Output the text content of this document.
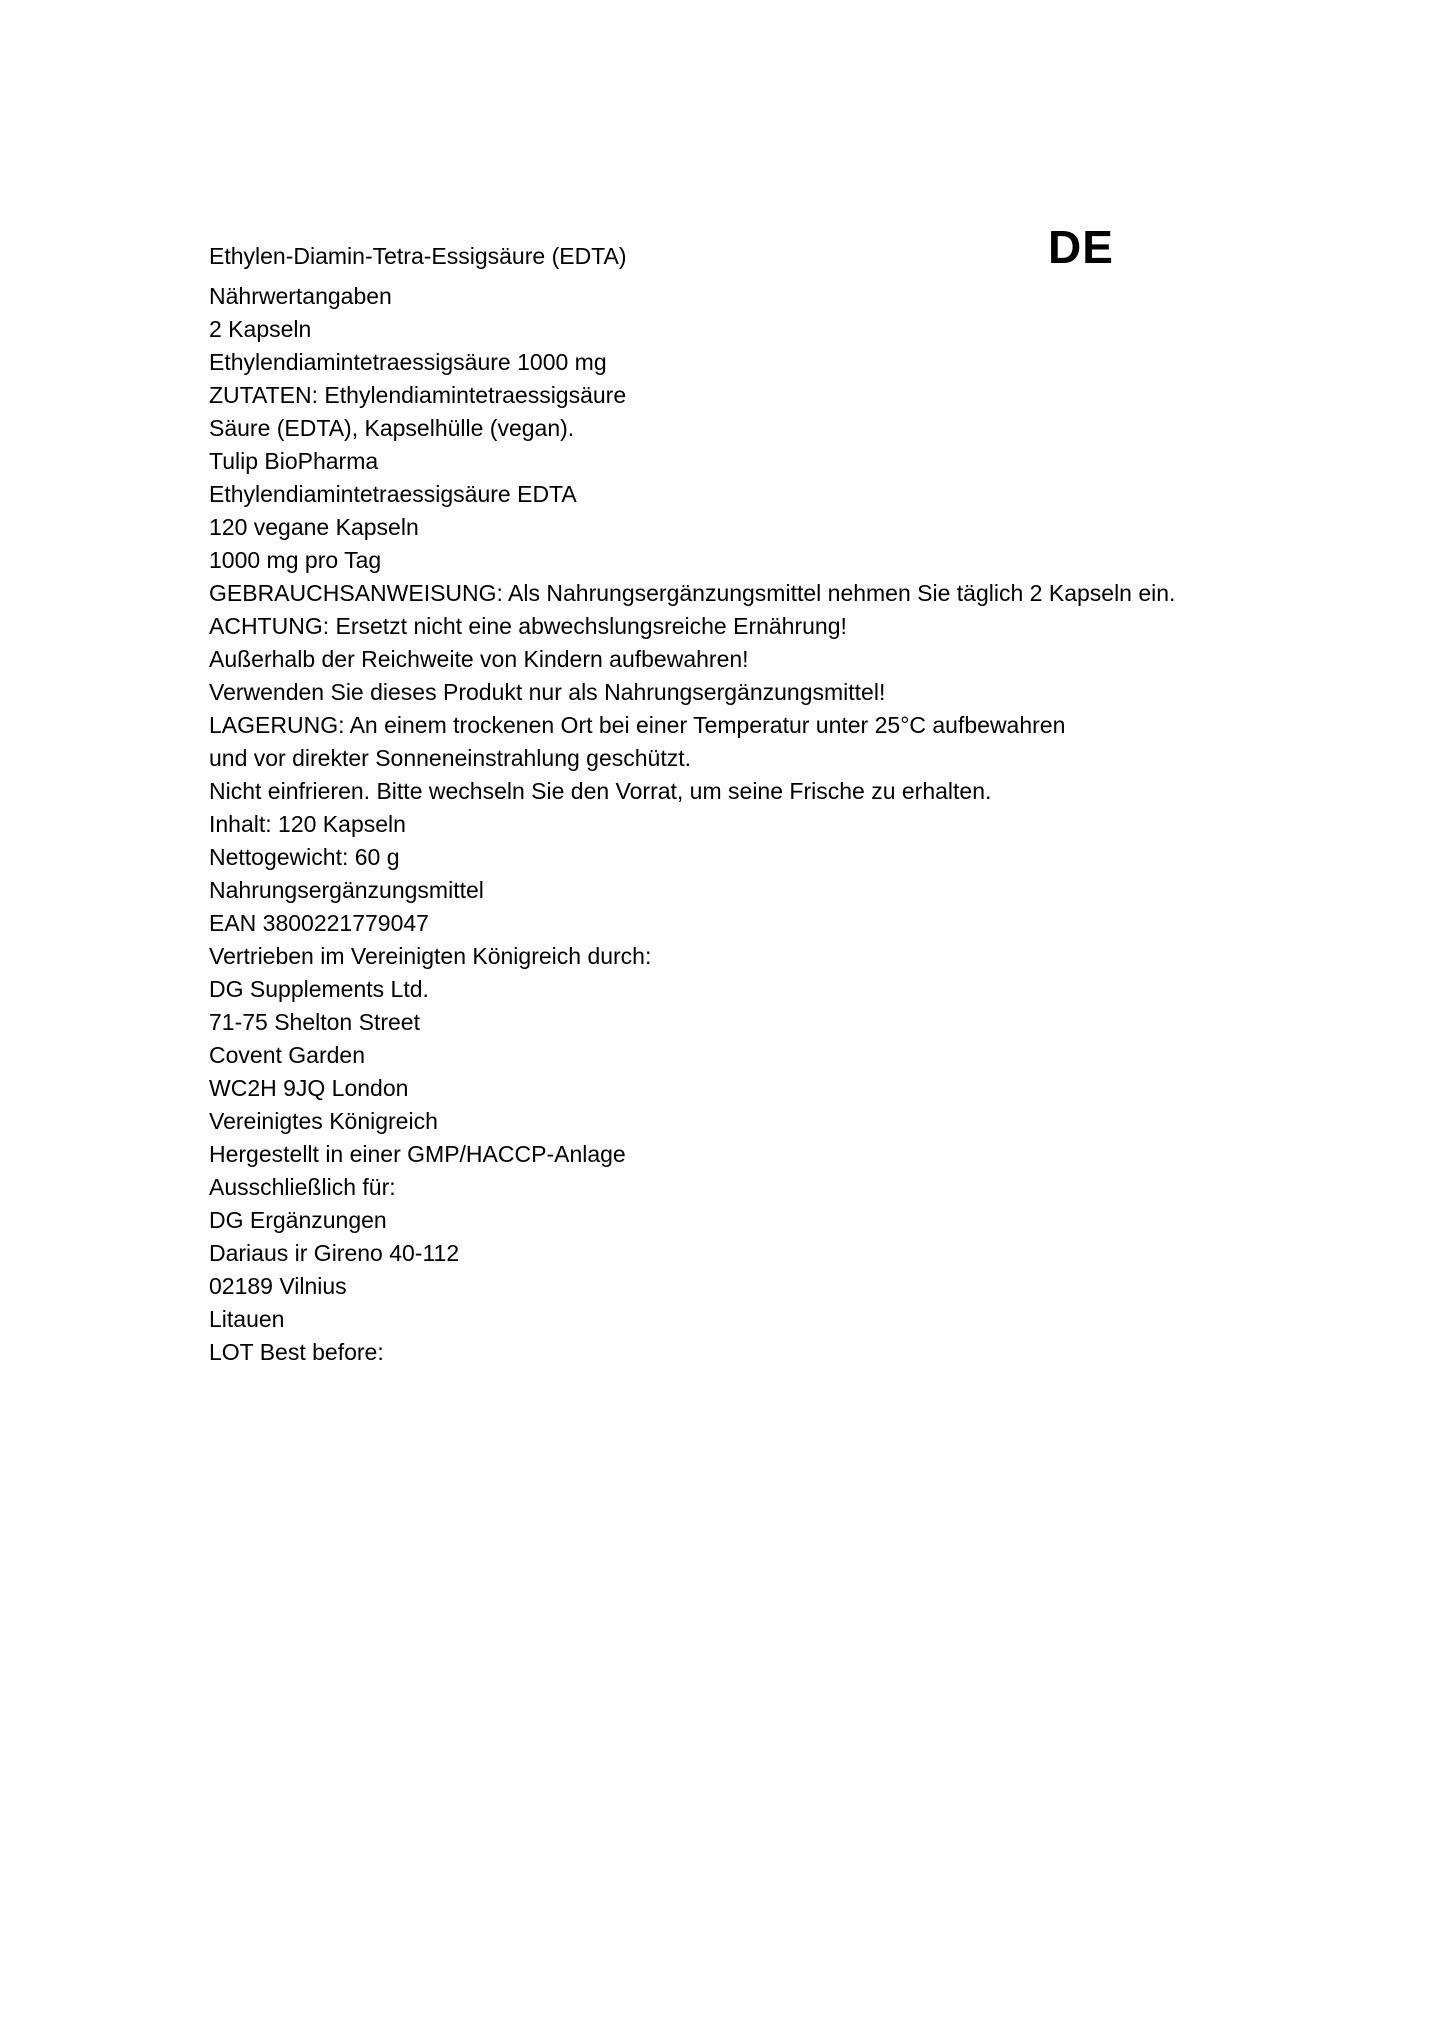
Ethylen-Diamin-Tetra-Essigsäure (EDTA)	DE
Nährwertangaben
2 Kapseln
Ethylendiamintetraessigsäure 1000 mg
ZUTATEN: Ethylendiamintetraessigsäure
Säure (EDTA), Kapselhülle (vegan).
Tulip BioPharma
Ethylendiamintetraessigsäure EDTA
120 vegane Kapseln
1000 mg pro Tag
GEBRAUCHSANWEISUNG: Als Nahrungsergänzungsmittel nehmen Sie täglich 2 Kapseln ein.
ACHTUNG: Ersetzt nicht eine abwechslungsreiche Ernährung!
Außerhalb der Reichweite von Kindern aufbewahren!
Verwenden Sie dieses Produkt nur als Nahrungsergänzungsmittel!
LAGERUNG: An einem trockenen Ort bei einer Temperatur unter 25°C aufbewahren
und vor direkter Sonneneinstrahlung geschützt.
Nicht einfrieren. Bitte wechseln Sie den Vorrat, um seine Frische zu erhalten.
Inhalt: 120 Kapseln
Nettogewicht: 60 g
Nahrungsergänzungsmittel
EAN 3800221779047
Vertrieben im Vereinigten Königreich durch:
DG Supplements Ltd.
71-75 Shelton Street
Covent Garden
WC2H 9JQ London
Vereinigtes Königreich
Hergestellt in einer GMP/HACCP-Anlage
Ausschließlich für:
DG Ergänzungen
Dariaus ir Gireno 40-112
02189 Vilnius
Litauen
LOT Best before:
